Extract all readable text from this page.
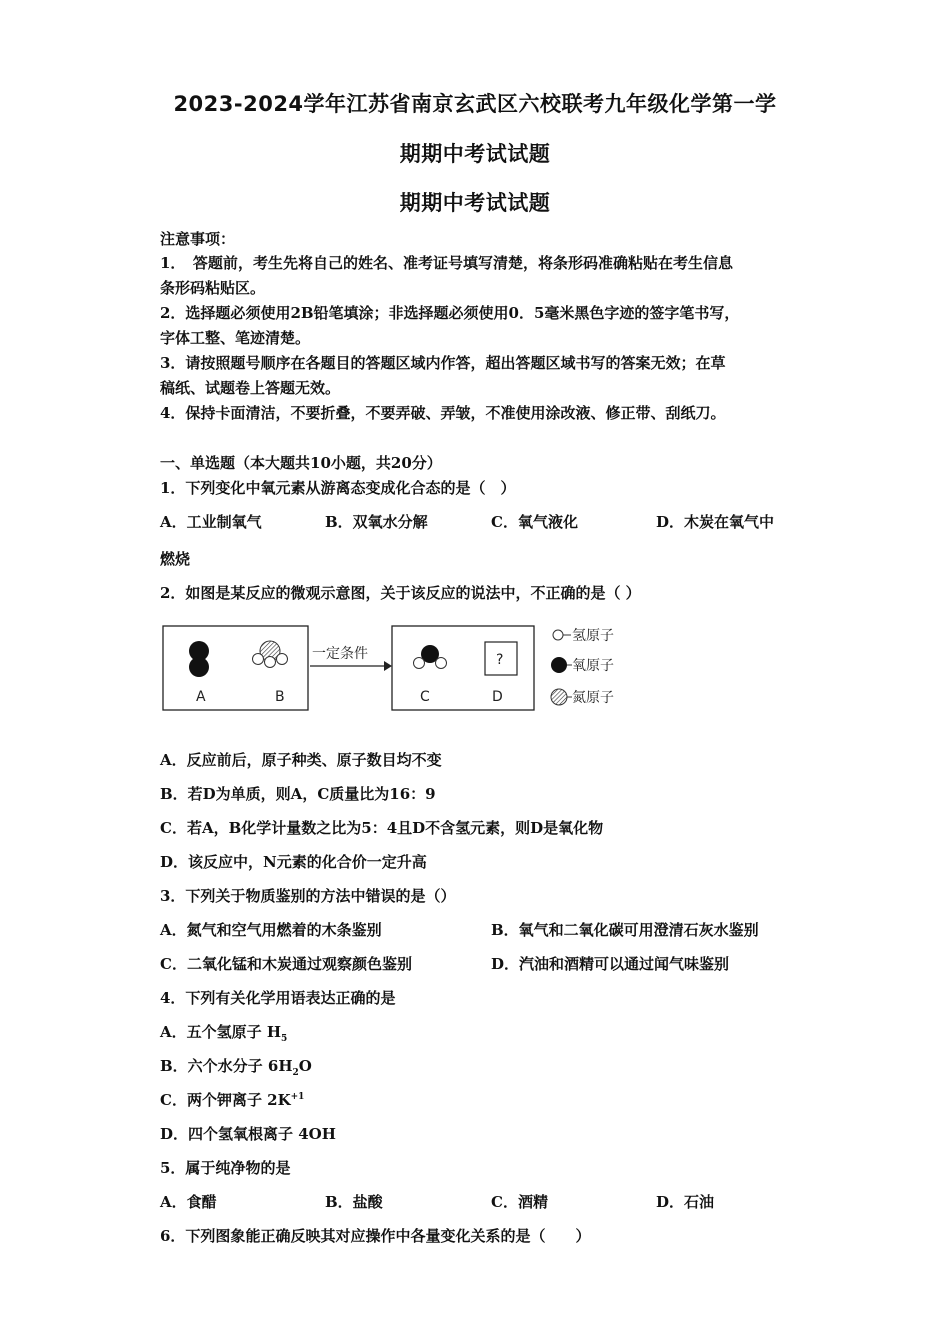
2023-2024学年江苏省南京玄武区六校联考九年级化学第一学
期期中考试试题
期期中考试试题
注意事项：
1．　答题前，考生先将自己的姓名、准考证号填写清楚，将条形码准确粘贴在考生信息
条形码粘贴区。
2．选择题必须使用2B铅笔填涂；非选择题必须使用0．5毫米黑色字迹的签字笔书写，
字体工整、笔迹清楚。
3．请按照题号顺序在各题目的答题区域内作答，超出答题区域书写的答案无效；在草
稿纸、试题卷上答题无效。
4．保持卡面清洁，不要折叠，不要弄破、弄皱，不准使用涂改液、修正带、刮纸刀。
一、单选题（本大题共10小题，共20分）
1．下列变化中氧元素从游离态变成化合态的是（　）
A．工业制氧气	B．双氧水分解	C．氧气液化	D．木炭在氧气中
燃烧
2．如图是某反应的微观示意图，关于该反应的说法中，不正确的是（ ）
A	B
一定条件	?
C	D
氢原子
氧原子
氮原子
A．反应前后，原子种类、原子数目均不变
B．若D为单质，则A，C质量比为16：9
C．若A，B化学计量数之比为5：4且D不含氢元素，则D是氧化物
D．该反应中，N元素的化合价一定升高
3．下列关于物质鉴别的方法中错误的是（）
A．氮气和空气用燃着的木条鉴别	B．氧气和二氧化碳可用澄清石灰水鉴别
C．二氧化锰和木炭通过观察颜色鉴别	D．汽油和酒精可以通过闻气味鉴别
4．下列有关化学用语表达正确的是
A．五个氢原子 $H_5$
B．六个水分子 $6H_2O$
C．两个钾离子 $2K^{+1}$
D．四个氢氧根离子 4OH
5．属于纯净物的是
A．食醋	B．盐酸	C．酒精	D．石油
6．下列图象能正确反映其对应操作中各量变化关系的是（　　）
